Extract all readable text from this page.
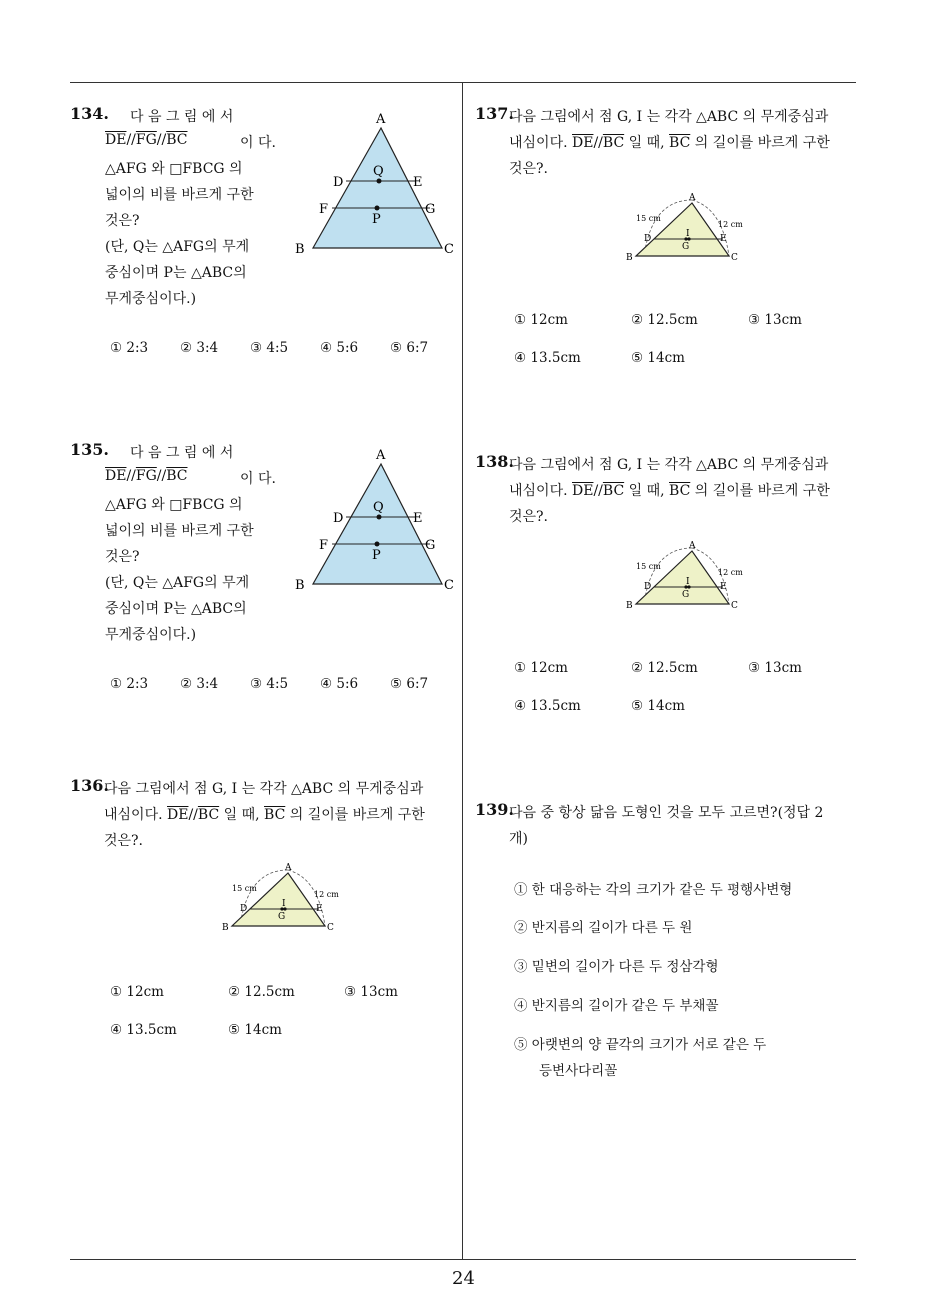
24
134. 다 음 그 림 에 서
$\overline{DE}//\overline{FG}//\overline{BC}$	이 다.
△AFG 와 □FBCG 의
넓이의 비를 바르게 구한
것은?
(단, Q는 △AFG의 무게
중심이며 P는 △ABC의
무게중심이다.)
A
D	E
F	G
Q
P
B	C
① 2:3 ② 3:4 ③ 4:5 ④ 5:6 ⑤ 6:7
135. 다 음 그 림 에 서
$\overline{DE}//\overline{FG}//\overline{BC}$	이 다.
△AFG 와 □FBCG 의
넓이의 비를 바르게 구한
것은?
(단, Q는 △AFG의 무게
중심이며 P는 △ABC의
무게중심이다.)
A
D	E
F	G
Q
P
B	C
① 2:3 ② 3:4 ③ 4:5 ④ 5:6 ⑤ 6:7
136.
다음 그림에서 점 G, I 는 각각 △ABC 의 무게중심과
내심이다. $\overline{DE}//\overline{BC}$ 일 때, $\overline{BC}$ 의 길이를 바르게 구한
것은?.
A
B	C
D	E
I
G
15 cm
12 cm
① 12cm	② 12.5cm	③ 13cm
④ 13.5cm	⑤ 14cm
137.
다음 그림에서 점 G, I 는 각각 △ABC 의 무게중심과
내심이다. $\overline{DE}//\overline{BC}$ 일 때, $\overline{BC}$ 의 길이를 바르게 구한
것은?.
A
B	C
D	E
I
G
15 cm
12 cm
① 12cm	② 12.5cm	③ 13cm
④ 13.5cm	⑤ 14cm
138.
다음 그림에서 점 G, I 는 각각 △ABC 의 무게중심과
내심이다. $\overline{DE}//\overline{BC}$ 일 때, $\overline{BC}$ 의 길이를 바르게 구한
것은?.
A
B	C
D	E
I
G
15 cm
12 cm
① 12cm	② 12.5cm	③ 13cm
④ 13.5cm	⑤ 14cm
139.
다음 중 항상 닮음 도형인 것을 모두 고르면?(정답 2
개)
① 한 대응하는 각의 크기가 같은 두 평행사변형
② 반지름의 길이가 다른 두 원
③ 밑변의 길이가 다른 두 정삼각형
④ 반지름의 길이가 같은 두 부채꼴
⑤ 아랫변의 양 끝각의 크기가 서로 같은 두
등변사다리꼴
